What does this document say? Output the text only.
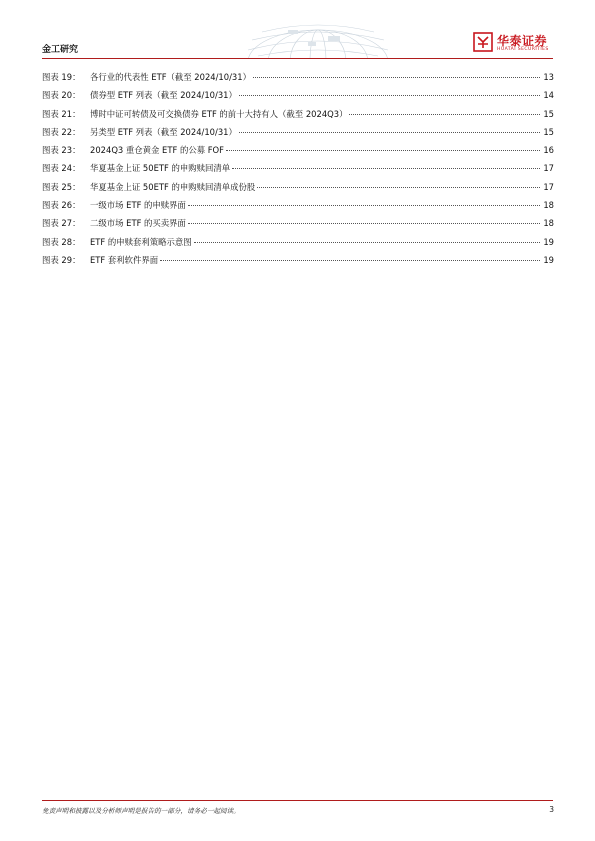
金工研究
华泰证券
HUATAI SECURITIES
图表 19：	各行业的代表性 ETF（截至 2024/10/31）	13
图表 20：	债券型 ETF 列表（截至 2024/10/31）	14
图表 21：	博时中证可转债及可交换债券 ETF 的前十大持有人（截至 2024Q3）	15
图表 22：	另类型 ETF 列表（截至 2024/10/31）	15
图表 23：	2024Q3 重仓黄金 ETF 的公募 FOF	16
图表 24：	华夏基金上证 50ETF 的申购赎回清单	17
图表 25：	华夏基金上证 50ETF 的申购赎回清单成份股	17
图表 26：	一级市场 ETF 的申赎界面	18
图表 27：	二级市场 ETF 的买卖界面	18
图表 28：	ETF 的申赎套利策略示意图	19
图表 29：	ETF 套利软件界面	19
免责声明和披露以及分析师声明是报告的一部分，请务必一起阅读。	3
